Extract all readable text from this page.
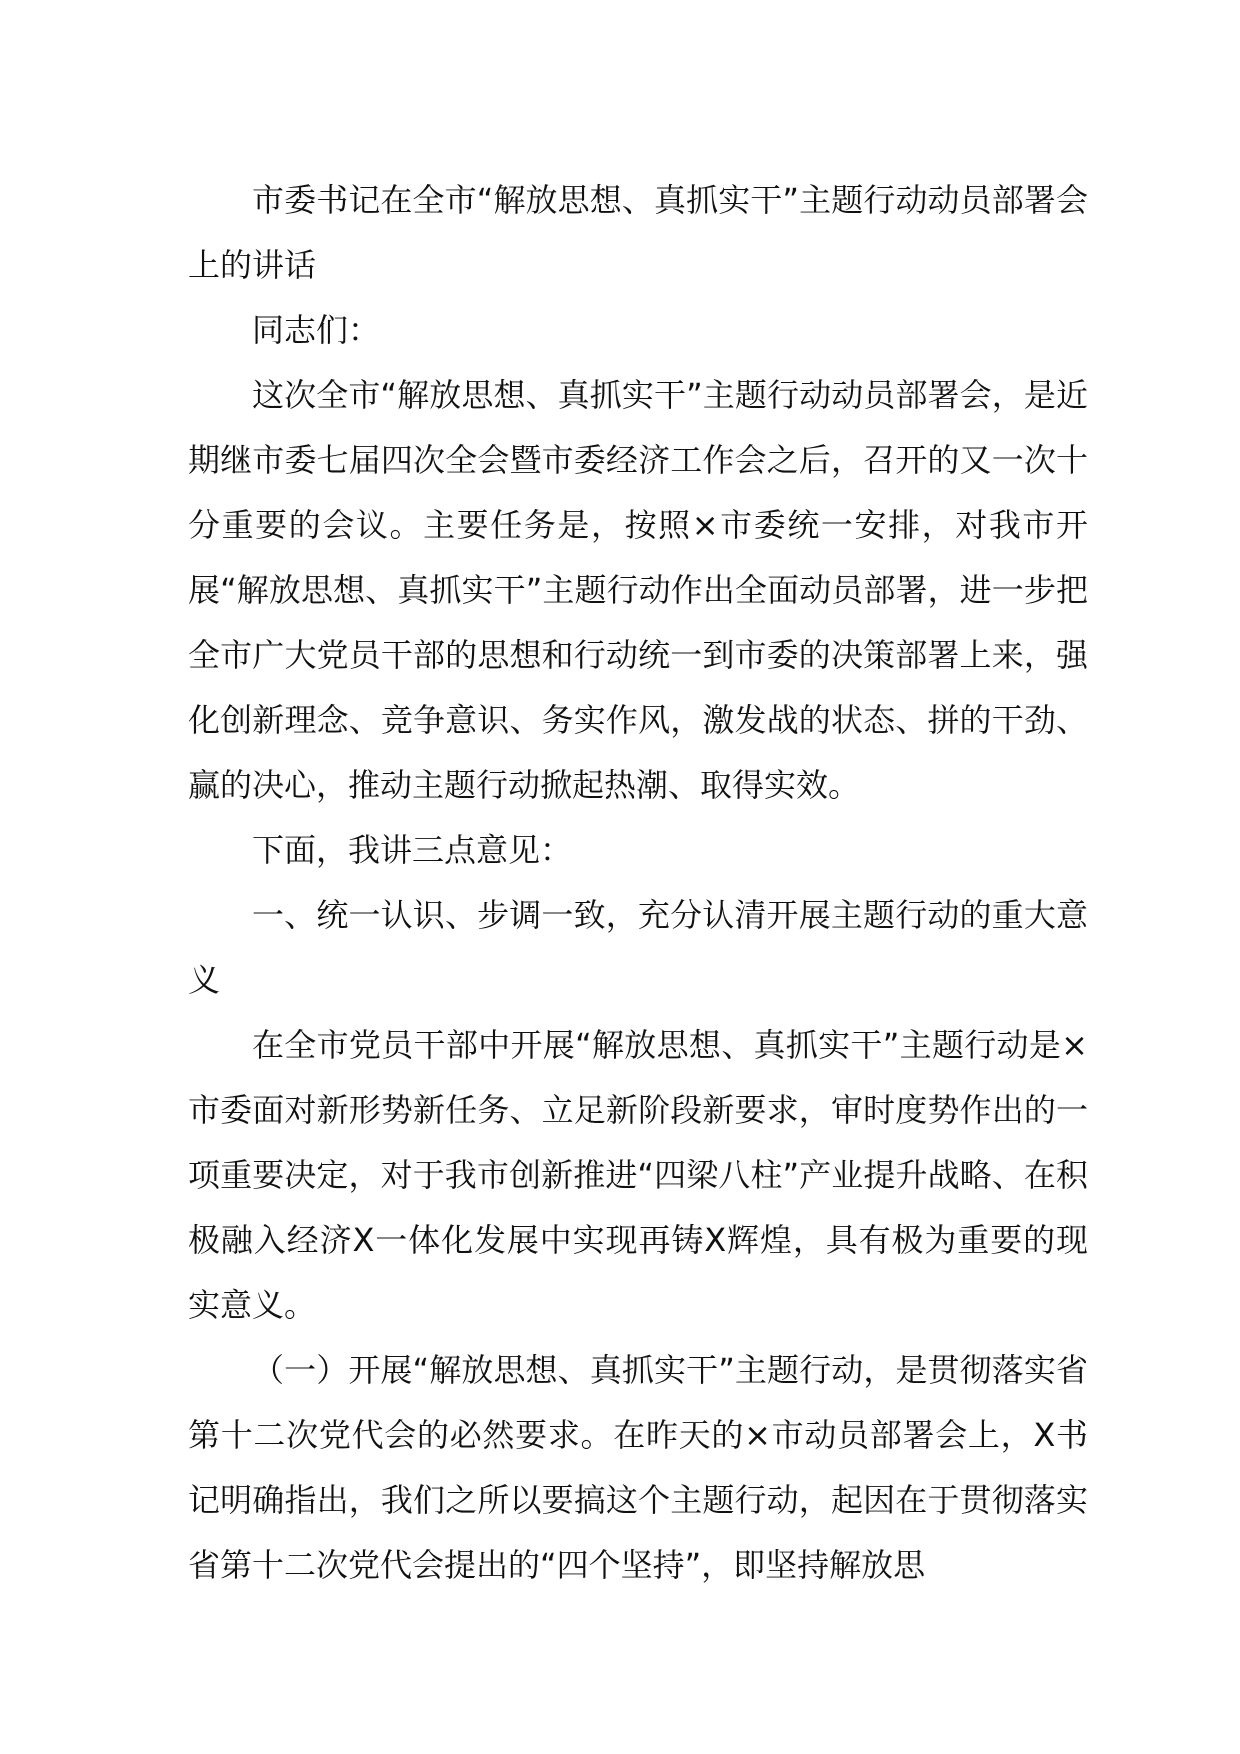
市委书记在全市“解放思想、真抓实干”主题行动动员部署会上的讲话

同志们：

这次全市“解放思想、真抓实干”主题行动动员部署会，是近期继市委七届四次全会暨市委经济工作会之后，召开的又一次十分重要的会议。主要任务是，按照×市委统一安排，对我市开展“解放思想、真抓实干”主题行动作出全面动员部署，进一步把全市广大党员干部的思想和行动统一到市委的决策部署上来，强化创新理念、竞争意识、务实作风，激发战的状态、拼的干劲、赢的决心，推动主题行动掀起热潮、取得实效。

下面，我讲三点意见：

一、统一认识、步调一致，充分认清开展主题行动的重大意义

在全市党员干部中开展“解放思想、真抓实干”主题行动是×市委面对新形势新任务、立足新阶段新要求，审时度势作出的一项重要决定，对于我市创新推进“四梁八柱”产业提升战略、在积极融入经济X一体化发展中实现再铸X辉煌，具有极为重要的现实意义。

（一）开展“解放思想、真抓实干”主题行动，是贯彻落实省第十二次党代会的必然要求。在昨天的×市动员部署会上，X书记明确指出，我们之所以要搞这个主题行动，起因在于贯彻落实省第十二次党代会提出的“四个坚持”，即坚持解放思
